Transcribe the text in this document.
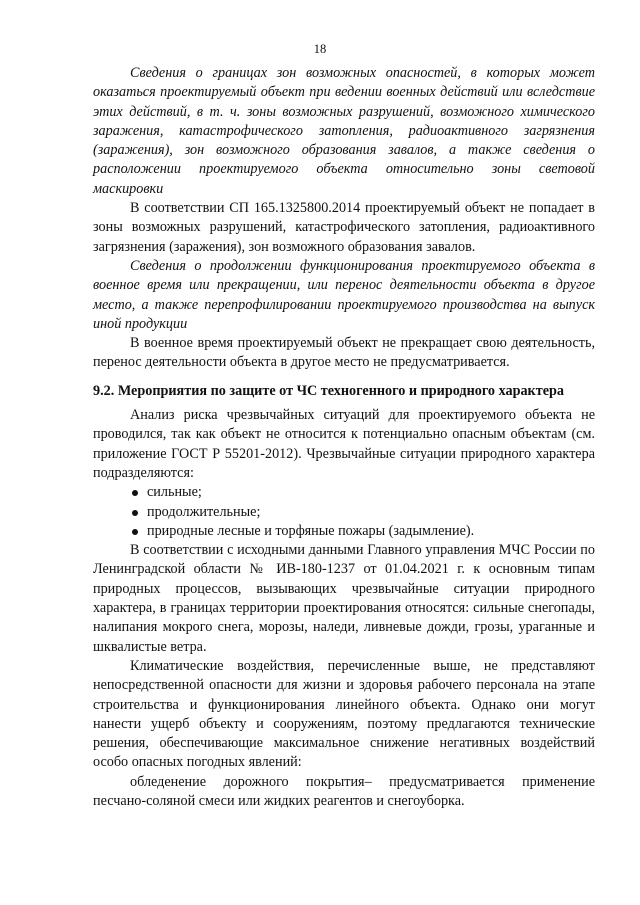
18

Сведения о границах зон возможных опасностей, в которых может оказаться проектируемый объект при ведении военных действий или вследствие этих действий, в т. ч. зоны возможных разрушений, возможного химического заражения, катастрофического затопления, радиоактивного загрязнения (заражения), зон возможного образования завалов, а также сведения о расположении проектируемого объекта относительно зоны световой маскировки

В соответствии СП 165.1325800.2014 проектируемый объект не попадает в зоны возможных разрушений, катастрофического затопления, радиоактивного загрязнения (заражения), зон возможного образования завалов.

Сведения о продолжении функционирования проектируемого объекта в военное время или прекращении, или перенос деятельности объекта в другое место, а также перепрофилировании проектируемого производства на выпуск иной продукции

В военное время проектируемый объект не прекращает свою деятельность, перенос деятельности объекта в другое место не предусматривается.

9.2. Мероприятия по защите от ЧС техногенного и природного характера

Анализ риска чрезвычайных ситуаций для проектируемого объекта не проводился, так как объект не относится к потенциально опасным объектам (см. приложение ГОСТ Р 55201-2012). Чрезвычайные ситуации природного характера подразделяются:

сильные;
продолжительные;
природные лесные и торфяные пожары (задымление).

В соответствии с исходными данными Главного управления МЧС России по Ленинградской области № ИВ-180-1237 от 01.04.2021 г. к основным типам природных процессов, вызывающих чрезвычайные ситуации природного характера, в границах территории проектирования относятся: сильные снегопады, налипания мокрого снега, морозы, наледи, ливневые дожди, грозы, ураганные и шквалистые ветра.

Климатические воздействия, перечисленные выше, не представляют непосредственной опасности для жизни и здоровья рабочего персонала на этапе строительства и функционирования линейного объекта. Однако они могут нанести ущерб объекту и сооружениям, поэтому предлагаются технические решения, обеспечивающие максимальное снижение негативных воздействий особо опасных погодных явлений:

обледенение дорожного покрытия– предусматривается применение песчано-соляной смеси или жидких реагентов и снегоуборка.
